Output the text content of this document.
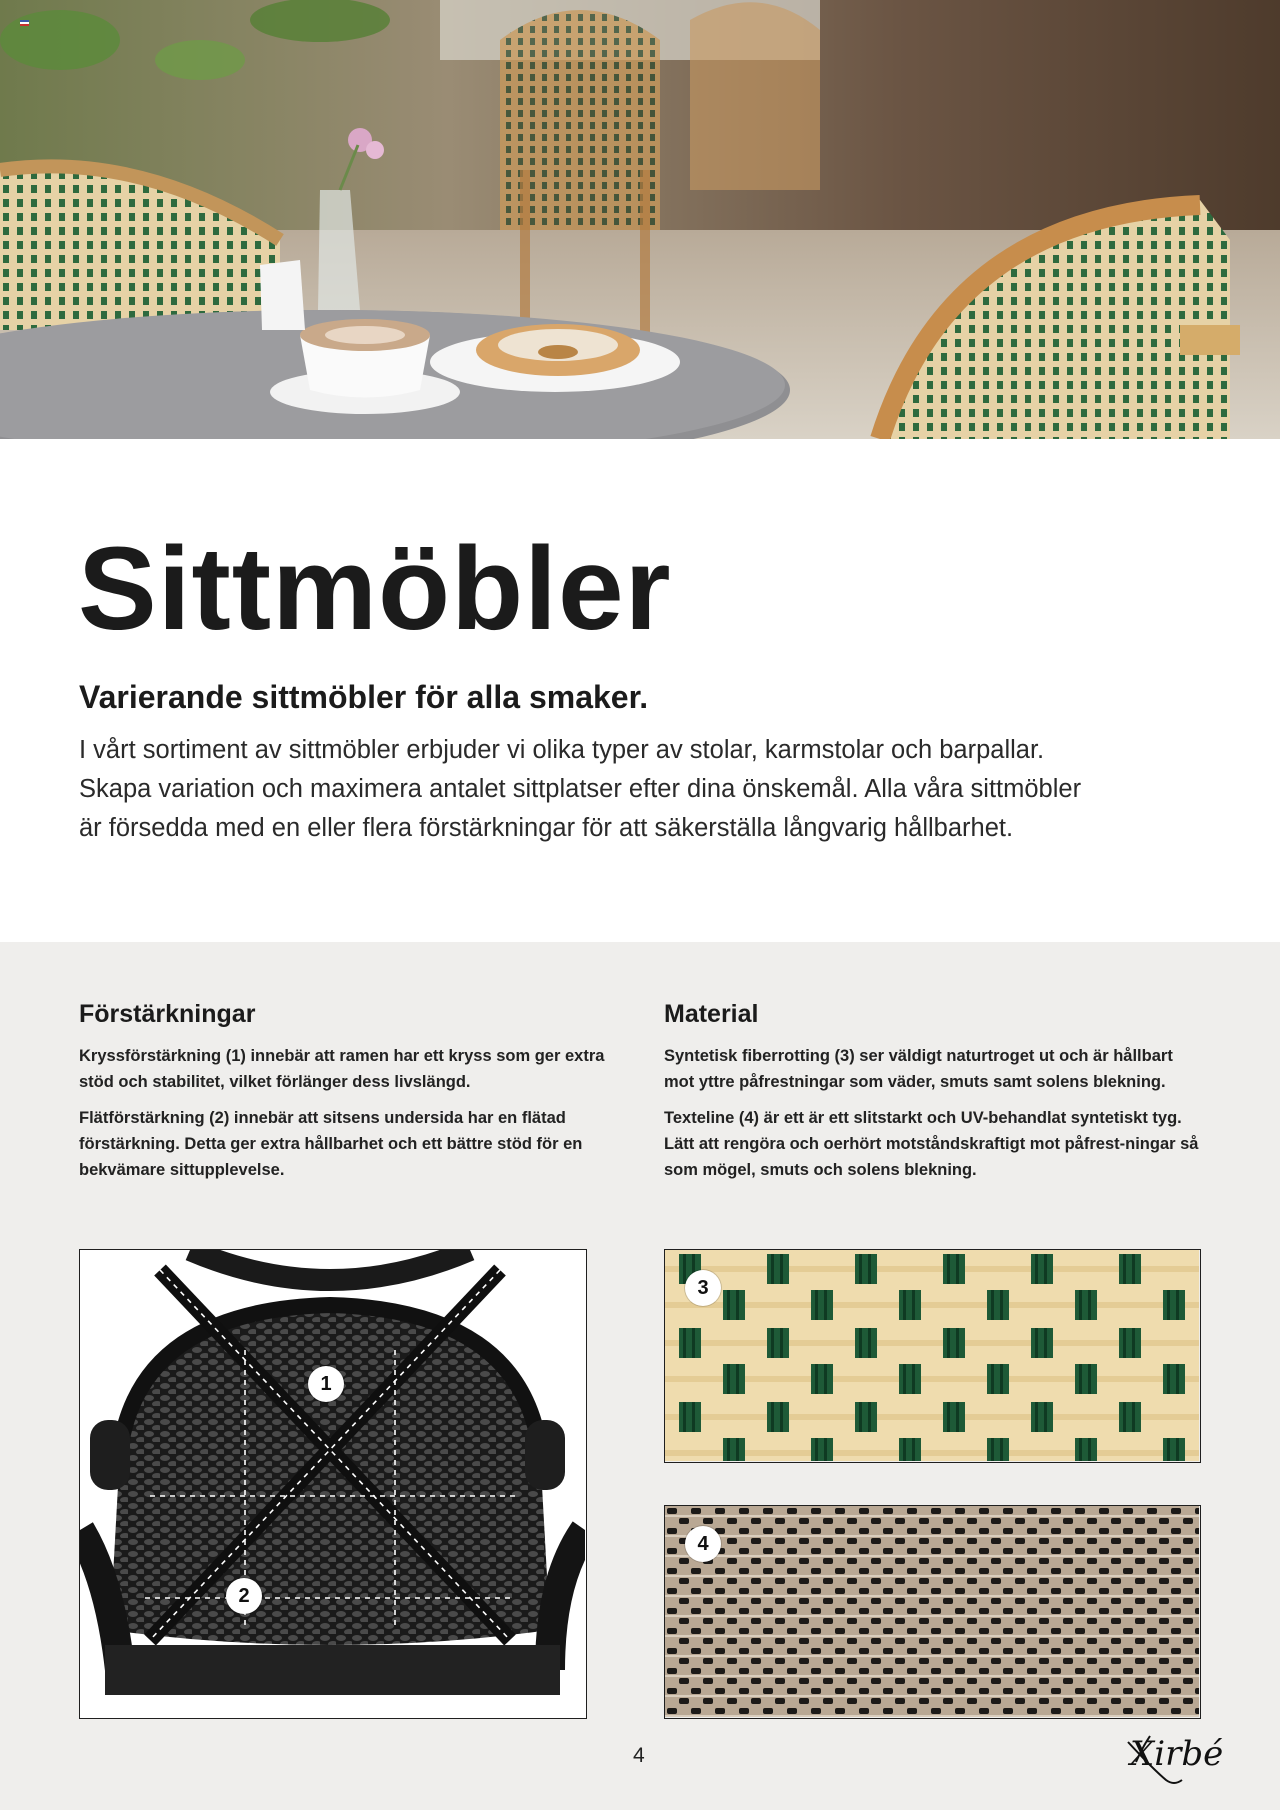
Sittmöbler
Varierande sittmöbler för alla smaker.

I vårt sortiment av sittmöbler erbjuder vi olika typer av stolar, karmstolar och barpallar.
Skapa variation och maximera antalet sittplatser efter dina önskemål. Alla våra sittmöbler
är försedda med en eller flera förstärkningar för att säkerställa långvarig hållbarhet.

Förstärkningar

Kryssförstärkning (1) innebär att ramen har ett kryss som ger extra stöd och stabilitet, vilket förlänger dess livslängd.

Flätförstärkning (2) innebär att sitsens undersida har en flätad förstärkning. Detta ger extra hållbarhet och ett bättre stöd för en bekvämare sittupplevelse.

Material

Syntetisk fiberrotting (3) ser väldigt naturtroget ut och är hållbart mot yttre påfrestningar som väder, smuts samt solens blekning.

Texteline (4) är ett är ett slitstarkt och UV-behandlat syntetiskt tyg. Lätt att rengöra och oerhört motståndskraftigt mot påfrest-ningar så som mögel, smuts och solens blekning.

1
2
3
4
4	Xirbé
